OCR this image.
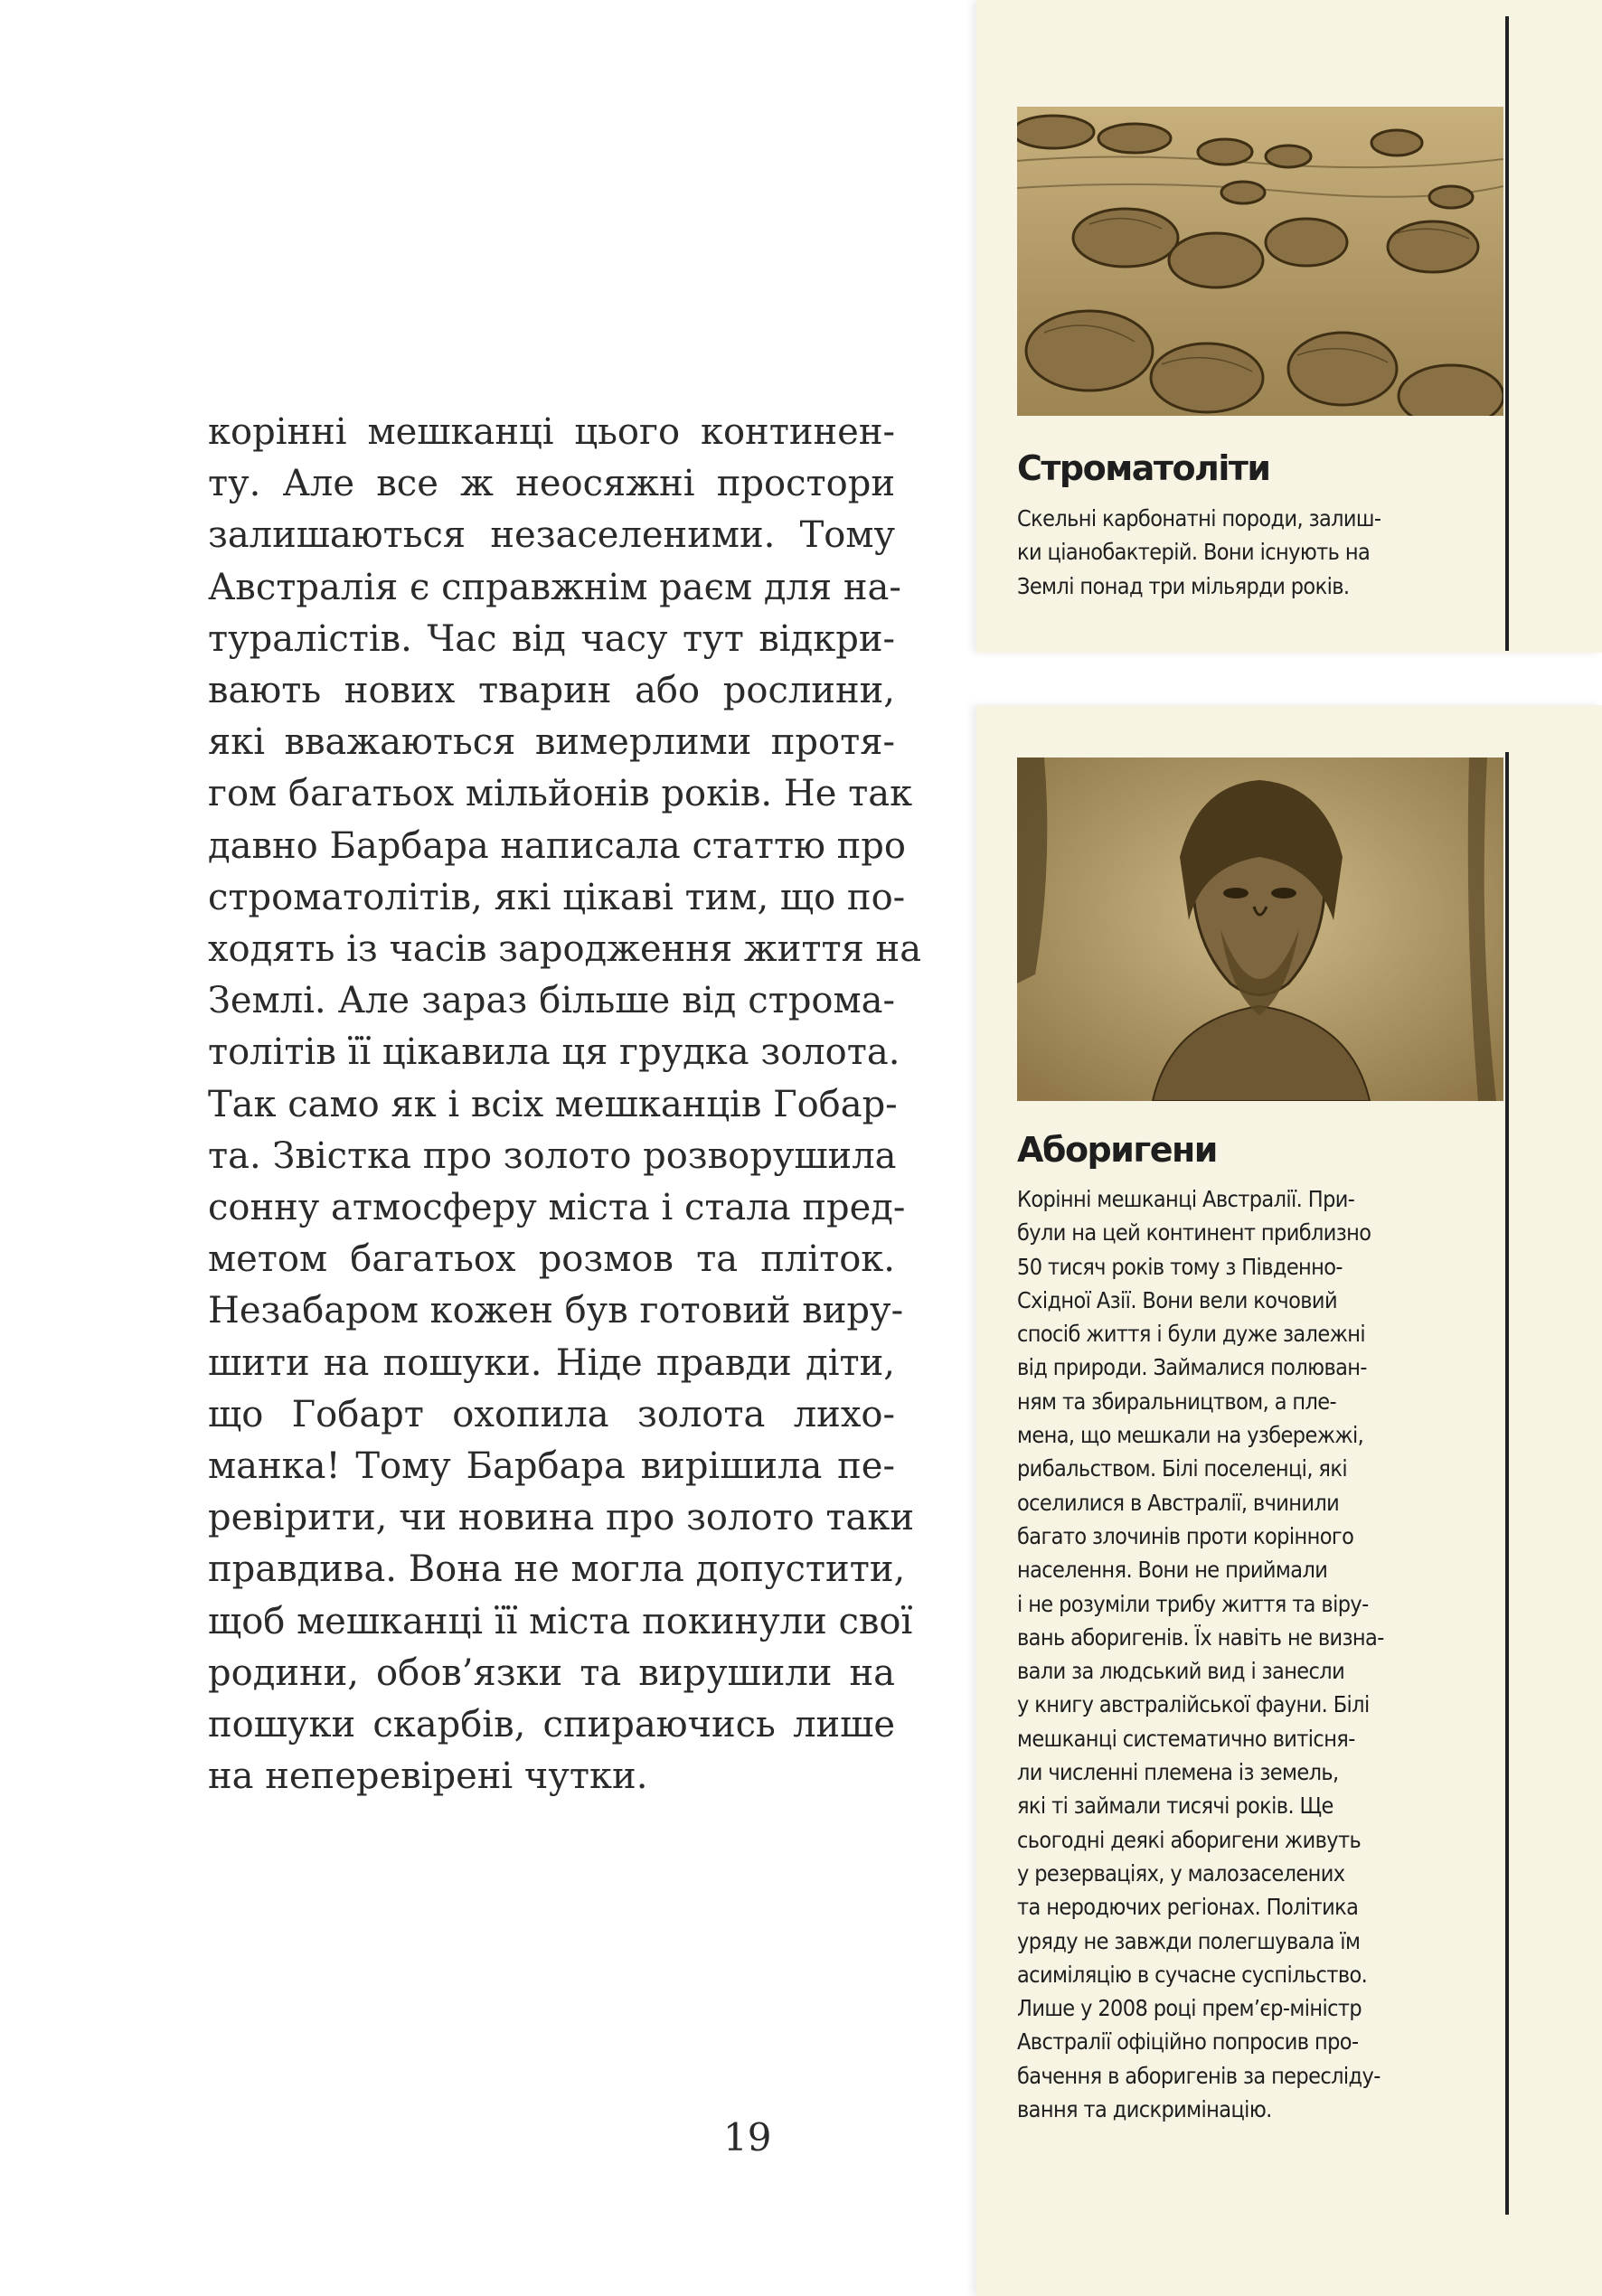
корінні мешканці цього континен-
ту. Але все ж неосяжні простори
залишаються незаселеними. Тому
Австралія є справжнім раєм для на-
туралістів. Час від часу тут відкри-
вають нових тварин або рослини,
які вважаються вимерлими протя-
гом багатьох мільйонів років. Не так
давно Барбара написала статтю про
строматолітів, які цікаві тим, що по-
ходять із часів зародження життя на
Землі. Але зараз більше від строма-
толітів її цікавила ця грудка золота.
Так само як і всіх мешканців Гобар-
та. Звістка про золото розворушила
сонну атмосферу міста і стала пред-
метом багатьох розмов та пліток.
Незабаром кожен був готовий виру-
шити на пошуки. Ніде правди діти,
що Гобарт охопила золота лихо-
манка! Тому Барбара вирішила пе-
ревірити, чи новина про золото таки
правдива. Вона не могла допустити,
щоб мешканці її міста покинули свої
родини, обов’язки та вирушили на
пошуки скарбів, спираючись лише
на неперевірені чутки.
19
Строматоліти
Скельні карбонатні породи, залиш-
ки ціанобактерій. Вони існують на
Землі понад три мільярди років.
Аборигени
Корінні мешканці Австралії. При-
були на цей континент приблизно
50 тисяч років тому з Південно-
Східної Азії. Вони вели кочовий
спосіб життя і були дуже залежні
від природи. Займалися полюван-
ням та збиральництвом, а пле-
мена, що мешкали на узбережжі,
рибальством. Білі поселенці, які
оселилися в Австралії, вчинили
багато злочинів проти корінного
населення. Вони не приймали
і не розуміли трибу життя та віру-
вань аборигенів. Їх навіть не визна-
вали за людський вид і занесли
у книгу австралійської фауни. Білі
мешканці систематично витісня-
ли численні племена із земель,
які ті займали тисячі років. Ще
сьогодні деякі аборигени живуть
у резерваціях, у малозаселених
та неродючих регіонах. Політика
уряду не завжди полегшувала їм
асиміляцію в сучасне суспільство.
Лише у 2008 році прем’єр-міністр
Австралії офіційно попросив про-
бачення в аборигенів за пересліду-
вання та дискримінацію.
